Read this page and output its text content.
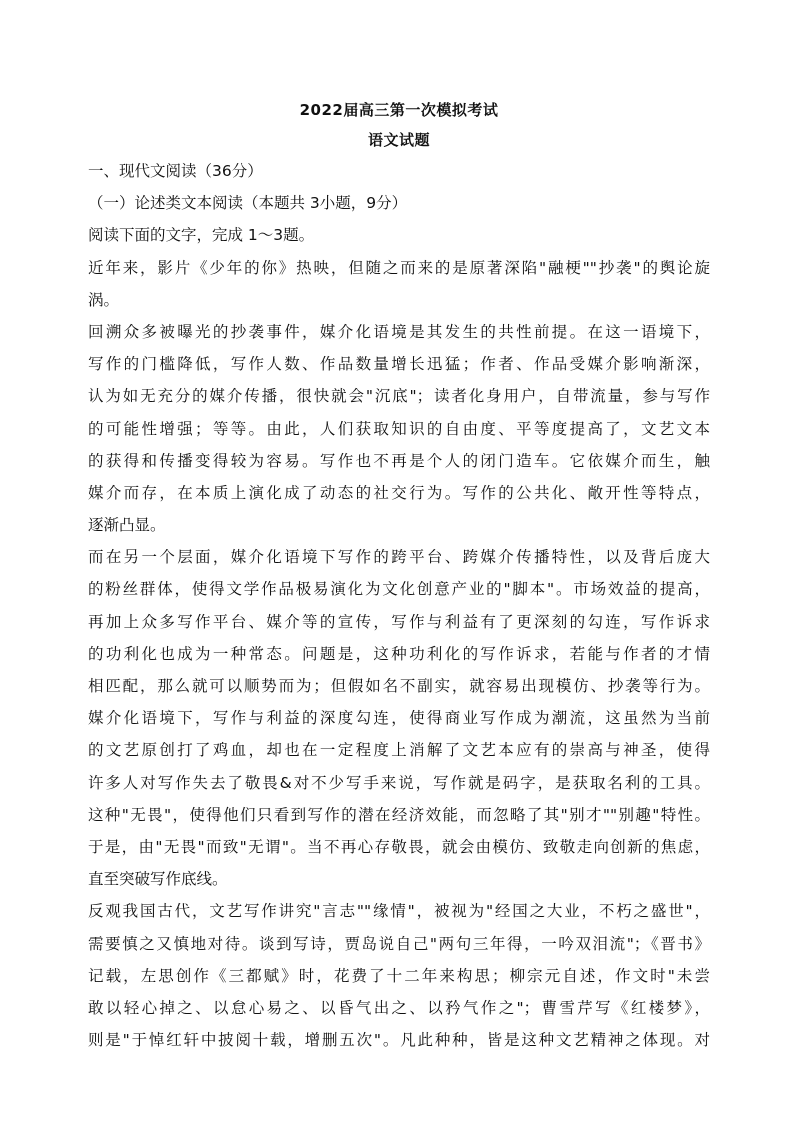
2022届高三第一次模拟考试
语文试题
一、现代文阅读（36分）
（一）论述类文本阅读（本题共 3小题，9分）
阅读下面的文字，完成 1～3题。
近年来，影片《少年的你》热映，但随之而来的是原著深陷"融梗""抄袭"的舆论旋
涡。
回溯众多被曝光的抄袭事件，媒介化语境是其发生的共性前提。在这一语境下，
写作的门槛降低，写作人数、作品数量增长迅猛；作者、作品受媒介影响渐深，
认为如无充分的媒介传播，很快就会"沉底"；读者化身用户，自带流量，参与写作
的可能性增强；等等。由此，人们获取知识的自由度、平等度提高了，文艺文本
的获得和传播变得较为容易。写作也不再是个人的闭门造车。它依媒介而生，触
媒介而存，在本质上演化成了动态的社交行为。写作的公共化、敞开性等特点，
逐渐凸显。
而在另一个层面，媒介化语境下写作的跨平台、跨媒介传播特性，以及背后庞大
的粉丝群体，使得文学作品极易演化为文化创意产业的"脚本"。市场效益的提高，
再加上众多写作平台、媒介等的宣传，写作与利益有了更深刻的勾连，写作诉求
的功利化也成为一种常态。问题是，这种功利化的写作诉求，若能与作者的才情
相匹配，那么就可以顺势而为；但假如名不副实，就容易出现模仿、抄袭等行为。
媒介化语境下，写作与利益的深度勾连，使得商业写作成为潮流，这虽然为当前
的文艺原创打了鸡血，却也在一定程度上消解了文艺本应有的崇高与神圣，使得
许多人对写作失去了敬畏&对不少写手来说，写作就是码字，是获取名利的工具。
这种"无畏"，使得他们只看到写作的潜在经济效能，而忽略了其"别才""别趣"特性。
于是，由"无畏"而致"无谓"。当不再心存敬畏，就会由模仿、致敬走向创新的焦虑，
直至突破写作底线。
反观我国古代，文艺写作讲究"言志""缘情"，被视为"经国之大业，不朽之盛世"，
需要慎之又慎地对待。谈到写诗，贾岛说自己"两句三年得，一吟双泪流"；《晋书》
记载，左思创作《三都赋》时，花费了十二年来构思；柳宗元自述，作文时"未尝
敢以轻心掉之、以怠心易之、以昏气出之、以矜气作之"；曹雪芹写《红楼梦》，
则是"于悼红轩中披阅十载，增删五次"。凡此种种，皆是这种文艺精神之体现。对
